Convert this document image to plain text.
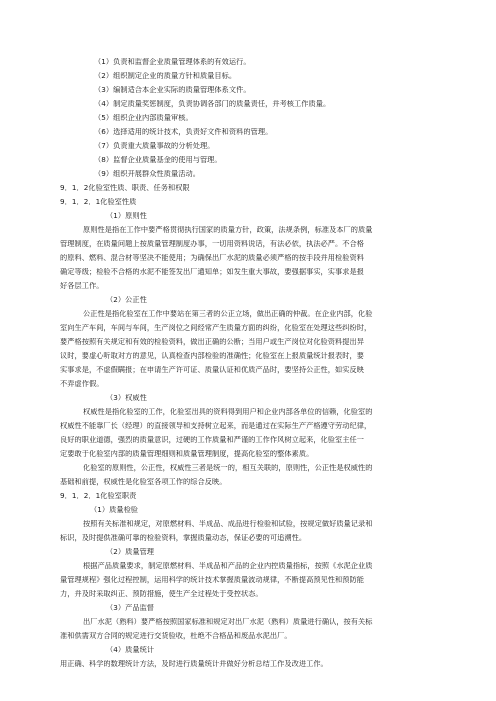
（1）负责和监督企业质量管理体系的有效运行。
（2）组织制定企业的质量方针和质量目标。
（3）编制适合本企业实际的质量管理体系文件。
（4）制定质量奖惩制度，负责协调各部门的质量责任，并考核工作质量。
（5）组织企业内部质量审核。
（6）选择适用的统计技术，负责好文件和资料的管理。
（7）负责重大质量事故的分析处理。
（8）监督企业质量基金的使用与管理。
（9）组织开展群众性质量活动。
9．1．2化验室性质、职责、任务和权限
9．1．2．1化验室性质
（1）原则性
原则性是指在工作中要严格贯彻执行国家的质量方针，政策，法规条例，标准及本厂的质量
管理制度，在质量问题上按质量管理制度办事，一切用资料说话，有法必依，执法必严。不合格
的原料、燃料、混合材等坚决不能使用；为确保出厂水泥的质量必须严格的按手段并用检验资料
确定等级；检验不合格的水泥不能签发出厂通知单；如发生重大事故，要强据事实，实事求是报
好各层工作。
（2）公正性
公正性是指化验室在工作中要站在第三者的公正立场，做出正确的仲裁。在企业内部，化验
室向生产车间，车间与车间，生产岗位之间经常产生质量方面的纠纷，化验室在处理这些纠纷时，
要严格按照有关规定和有效的检验资料，做出正确的公断；当用户或生产岗位对化验资料提出异
议时，要虚心听取对方的意见，认真检查内部检验的准确性；化验室在上报质量统计报表时，要
实事求是，不虚假瞒报；在申请生产许可证、质量认证和优质产品时，要坚持公正性，如实反映
不弄虚作假。
（3）权威性
权威性是指化验室的工作，化验室出具的资料得到用户和企业内部各单位的信赖，化验室的
权威性不能靠厂长（经理）的直接领导和支持树立起来，而是通过在实际生产产格遵守劳动纪律，
良好的职业道德，强烈的质量意识，过硬的工作质量和严谨的工作作风树立起来，化验室主任一
定要敢于化验室内部的质量管理细则和质量管理制度，提高化验室的整体素质。
化验室的原则性，公正性，权威性三者是统一的，相互关联的，原则性，公正性是权威性的
基础和前提，权威性是化验室各项工作的综合反映。
9．1．2．1化验室职责
（1）质量检验
按照有关标准和规定，对原燃材料、半成品、成品进行检验和试验，按规定做好质量记录和
标识，及时提供准确可靠的检验资料，掌握质量动态，保证必要的可追溯性。
（2）质量管理
根据产品质量要求，制定原燃材料、半成品和产品的企业内控质量指标，按照《水泥企业质
量管理规程》强化过程控制，运用科学的统计技术掌握质量波动规律，不断提高预见性和预防能
力，并及时采取纠正、预防措施，使生产全过程处于受控状态。
（3）产品监督
出厂水泥（熟料）要严格按照国家标准和规定对出厂水泥（熟料）质量进行确认，按有关标
准和供需双方合同的规定进行交货验收，杜绝不合格品和废品水泥出厂。
（4）质量统计
用正确、科学的数理统计方法，及时进行质量统计并做好分析总结工作及改进工作。
